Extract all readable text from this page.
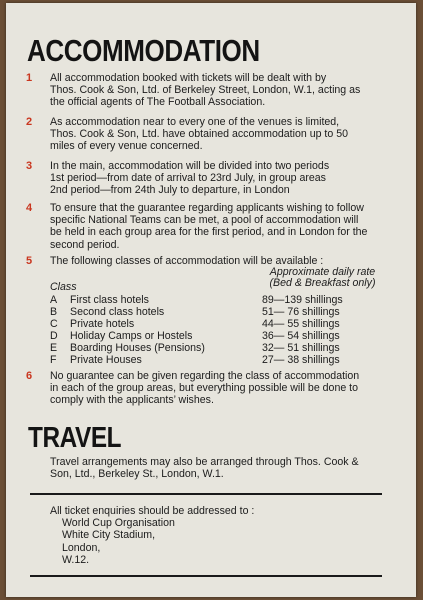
ACCOMMODATION
1 All accommodation booked with tickets will be dealt with by
Thos. Cook & Son, Ltd. of Berkeley Street, London, W.1, acting as
the official agents of The Football Association.
2 As accommodation near to every one of the venues is limited,
Thos. Cook & Son, Ltd. have obtained accommodation up to 50
miles of every venue concerned.
3 In the main, accommodation will be divided into two periods
1st period—from date of arrival to 23rd July, in group areas
2nd period—from 24th July to departure, in London
4 To ensure that the guarantee regarding applicants wishing to follow
specific National Teams can be met, a pool of accommodation will
be held in each group area for the first period, and in London for the
second period.
5 The following classes of accommodation will be available :
Class
Approximate daily rate
(Bed & Breakfast only)
A First class hotels	89—139 shillings
B Second class hotels	51— 76 shillings
C Private hotels	44— 55 shillings
D Holiday Camps or Hostels	36— 54 shillings
E Boarding Houses (Pensions)	32— 51 shillings
F Private Houses	27— 38 shillings
6 No guarantee can be given regarding the class of accommodation
in each of the group areas, but everything possible will be done to
comply with the applicants’ wishes.
TRAVEL
Travel arrangements may also be arranged through Thos. Cook &
Son, Ltd., Berkeley St., London, W.1.
All ticket enquiries should be addressed to :
World Cup Organisation
White City Stadium,
London,
W.12.
